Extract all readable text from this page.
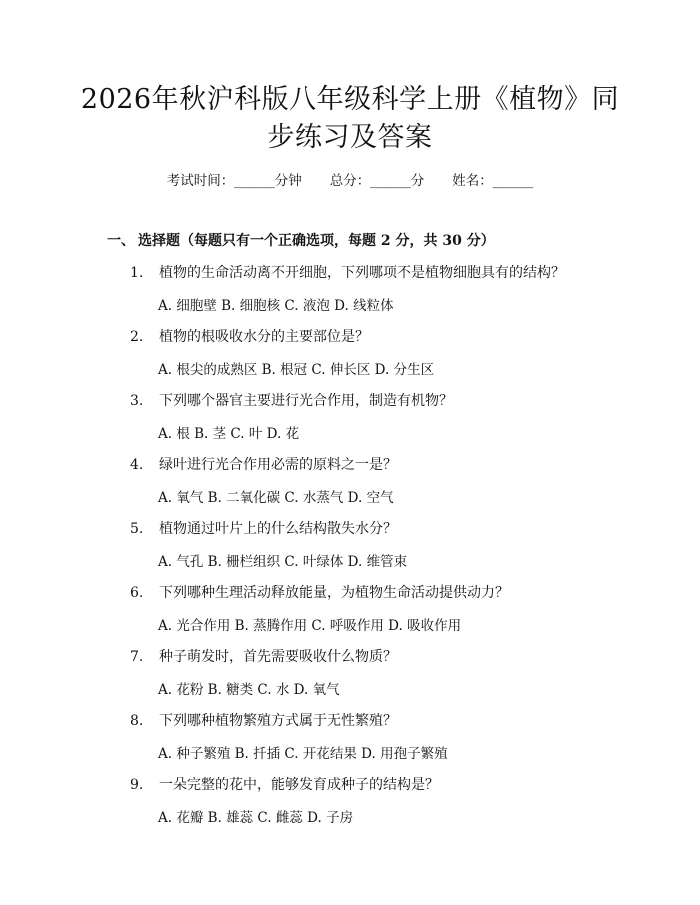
2026年秋沪科版八年级科学上册《植物》同
步练习及答案
考试时间：______分钟 总分：______分 姓名：______
一、 选择题（每题只有一个正确选项，每题 2 分，共 30 分）
1. 植物的生命活动离不开细胞，下列哪项不是植物细胞具有的结构？
A. 细胞壁 B. 细胞核 C. 液泡 D. 线粒体
2. 植物的根吸收水分的主要部位是？
A. 根尖的成熟区 B. 根冠 C. 伸长区 D. 分生区
3. 下列哪个器官主要进行光合作用，制造有机物？
A. 根 B. 茎 C. 叶 D. 花
4. 绿叶进行光合作用必需的原料之一是？
A. 氧气 B. 二氧化碳 C. 水蒸气 D. 空气
5. 植物通过叶片上的什么结构散失水分？
A. 气孔 B. 栅栏组织 C. 叶绿体 D. 维管束
6. 下列哪种生理活动释放能量，为植物生命活动提供动力？
A. 光合作用 B. 蒸腾作用 C. 呼吸作用 D. 吸收作用
7. 种子萌发时，首先需要吸收什么物质？
A. 花粉 B. 糖类 C. 水 D. 氧气
8. 下列哪种植物繁殖方式属于无性繁殖？
A. 种子繁殖 B. 扦插 C. 开花结果 D. 用孢子繁殖
9. 一朵完整的花中，能够发育成种子的结构是？
A. 花瓣 B. 雄蕊 C. 雌蕊 D. 子房
